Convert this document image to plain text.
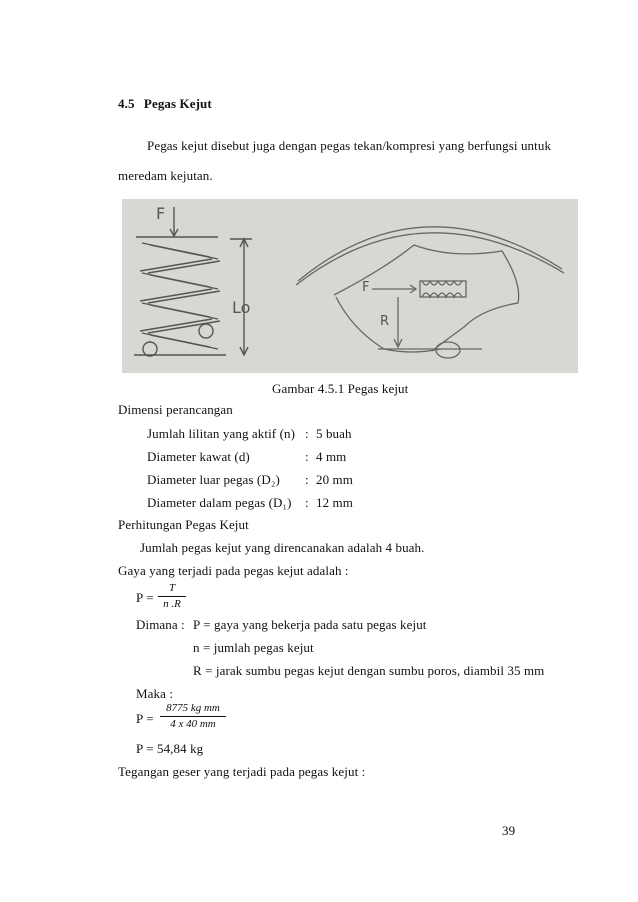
4.5 Pegas Kejut
Pegas kejut disebut juga dengan pegas tekan/kompresi yang berfungsi untuk
meredam kejutan.
F
Lo
F
R
Gambar 4.5.1 Pegas kejut
Dimensi perancangan
Jumlah lilitan yang aktif (n) : 5 buah
Diameter kawat (d)	: 4 mm
Diameter luar pegas (D₂) : 20 mm
Diameter dalam pegas (D₁) : 12 mm
Perhitungan Pegas Kejut
Jumlah pegas kejut yang direncanakan adalah 4 buah.
Gaya yang terjadi pada pegas kejut adalah :
P =
T
n .R
Dimana : P = gaya yang bekerja pada satu pegas kejut
n = jumlah pegas kejut
R = jarak sumbu pegas kejut dengan sumbu poros, diambil 35 mm
Maka :
P =
8775 kg mm
4 x 40 mm
P = 54,84 kg
Tegangan geser yang terjadi pada pegas kejut :
39
